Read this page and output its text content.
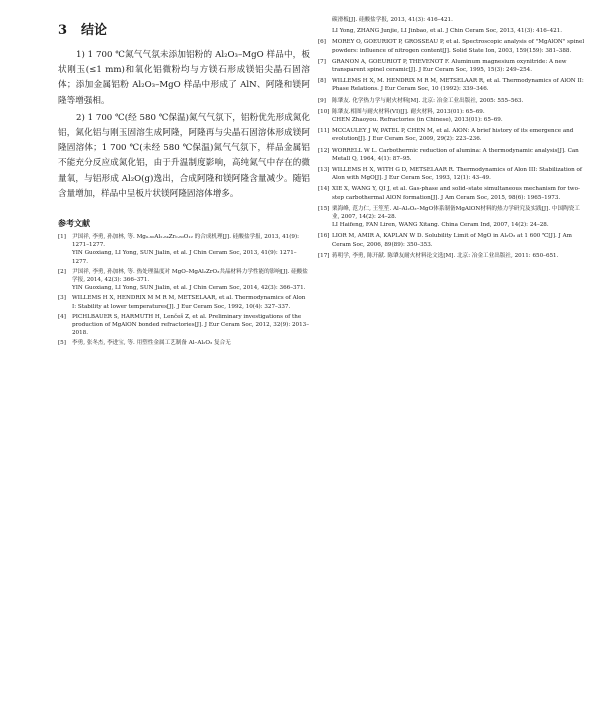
3 结论

1) 1 700 ℃氮气气氛未添加铝粉的 Al₂O₃–MgO 样品中，板状刚玉(≤1 mm)和氧化铝微粉均与方镁石形成镁铝尖晶石固溶体；添加金属铝粉 Al₂O₃–MgO 样品中形成了 AlN、阿隆和镁阿隆等增强相。

2) 1 700 ℃(经 580 ℃保温)氮气气氛下，铝粉优先形成氮化铝，氮化铝与刚玉固溶生成阿隆，阿隆再与尖晶石固溶体形成镁阿隆固溶体；1 700 ℃(未经 580 ℃保温)氮气气氛下，样品金属铝不能充分反应成氮化铝，由于升温制度影响，高纯氮气中存在的微量氧，与铝形成 Al₂O(g)逸出，合成阿隆和镁阿隆含量减少。随铝含量增加，样品中呈板片状镁阿隆固溶体增多。

参考文献
[1]	尹国祥, 李勇, 孙加林, 等. Mg₀.₆₀Al₂.₆₄Zr₀.₆₀O₁₂ 的合成机理[J]. 硅酸盐学报, 2013, 41(9): 1271–1277.
YIN Guoxiang, LI Yong, SUN Jialin, et al. J Chin Ceram Soc, 2013, 41(9): 1271–1277.
[2]	尹国祥, 李勇, 孙加林, 等. 热处理温度对 MgO–MgAl₂ZrO₃共晶材料力学性能的影响[J]. 硅酸盐学报, 2014, 42(3): 366–371.
YIN Guoxiang, LI Yong, SUN Jialin, et al. J Chin Ceram Soc, 2014, 42(3): 366–371.
[3]	WILLEMS H X, HENDRIX M M R M, METSELAAR, et al. Thermodynamics of Alon I: Stability at lower temperatures[J]. J Eur Ceram Soc, 1992, 10(4): 327–337.
[4]	PICHLBAUER S, HARMUTH H, Lenčeš Z, et al. Preliminary investigations of the production of MgAlON bonded refractories[J]. J Eur Ceram Soc, 2012, 32(9): 2013–2018.
[5]	李勇, 张冬杰, 李进宝, 等. 用塑性金属工艺制备 Al–Al₂O₃ 复合无
碳滑板[J]. 硅酸盐学报, 2013, 41(3): 416–421.
LI Yong, ZHANG Junjie, LI Jinbao, et al. J Chin Ceram Soc, 2013, 41(3): 416–421.
[6]	MOREY O, GOEURIOT P, GROSSEAU P, et al. Spectroscopic analysis of "MgAlON" spinel powders: influence of nitrogen content[J]. Solid State Ion, 2003, 159(159): 381–388.
[7]	GRANON A, GOEURIOT P, THEVENOT F. Aluminum magnesium oxynitride: A new transparent spinel ceramic[J]. J Eur Ceram Soc, 1995, 15(3): 249–254.
[8]	WILLEMS H X, M. HENDRIX M R M, METSELAAR R, et al. Thermodynamics of AlON II: Phase Relations. J Eur Ceram Soc, 10 (1992): 339–346.
[9]	陈肇友. 化学热力学与耐火材料[M]. 北京: 冶金工业出版社, 2005: 555–563.
[10] 陈肇友.相图与耐火材料(VI)[J]. 耐火材料, 2013(01): 65–69.
CHEN Zhaoyou. Refractories (in Chinese), 2013(01): 65–69.
[11] MCCAULEY J W, PATEL P, CHEN M, et al. AlON: A brief history of its emergence and evolution[J]. J Eur Ceram Soc, 2009, 29(2): 223–236.
[12] WORRELL W L. Carbothermic reduction of alumina: A thermodynamic analysis[J]. Can Metall Q, 1964, 4(1): 87–95.
[13] WILLEMS H X, WITH G D, METSELAAR R. Thermodynamics of Alon III: Stabilization of Alon with MgO[J]. J Eur Ceram Soc, 1993, 12(1): 43–49.
[14] XIE X, WANG Y, QI J, et al. Gas-phase and solid–state simultaneous mechanism for two-step carbothermal AlON formation[J]. J Am Ceram Soc, 2015, 98(6): 1965–1973.
[15] 栗海峰, 范力仁, 王笙笙. Al–Al₂O₃–MgO体系制备MgAlON材料的热力学研究及实践[J]. 中国陶瓷工业, 2007, 14(2): 24–28.
LI Haifeng, FAN Liren, WANG Xitang. China Ceram Ind, 2007, 14(2): 24–28.
[16] LIOR M, AMIR A, KAPLAN W D. Solubility Limit of MgO in Al₂O₃ at 1 600 ℃[J]. J Am Ceram Soc, 2006, 89(89): 350–353.
[17] 蒋明学, 李勇, 陈开献. 陈肇友耐火材料论文选[M]. 北京: 冶金工业出版社, 2011: 650–651.
